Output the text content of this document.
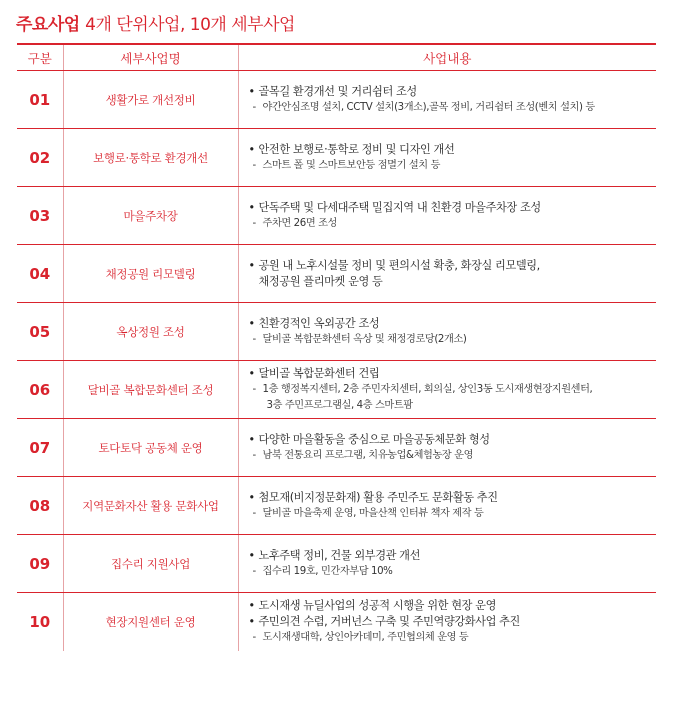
주요사업 4개 단위사업, 10개 세부사업
구분	세부사업명	사업내용
01	생활가로 개선정비	• 골목길 환경개선 및 거리쉼터 조성
- 야간안심조명 설치, CCTV 설치(3개소),골목 정비, 거리쉼터 조성(벤치 설치) 등

02	보행로·통학로 환경개선	• 안전한 보행로·통학로 정비 및 디자인 개선
- 스마트 폴 및 스마트보안등 점멸기 설치 등

03	마을주차장	• 단독주택 및 다세대주택 밀집지역 내 친환경 마을주차장 조성
- 주차면 26면 조성

04	채정공원 리모델링	• 공원 내 노후시설물 정비 및 편의시설 확충, 화장실 리모델링,
채정공원 플리마켓 운영 등

05	옥상정원 조성	• 친환경적인 옥외공간 조성
- 달비골 복합문화센터 옥상 및 채정경로당(2개소)

06	달비골 복합문화센터 조성	• 달비골 복합문화센터 건립
- 1층 행정복지센터, 2층 주민자치센터, 회의실, 상인3동 도시재생현장지원센터,
3층 주민프로그램실, 4층 스마트팜

07	토다토닥 공동체 운영	• 다양한 마을활동을 중심으로 마을공동체문화 형성
- 남북 전통요리 프로그램, 치유농업&체험농장 운영

08	지역문화자산 활용 문화사업	• 첨모재(비지정문화재) 활용 주민주도 문화활동 추진
- 달비골 마을축제 운영, 마을산책 인터뷰 책자 제작 등

09	집수리 지원사업	• 노후주택 정비, 건물 외부경관 개선
- 집수리 19호, 민간자부담 10%

10	현장지원센터 운영	• 도시재생 뉴딜사업의 성공적 시행을 위한 현장 운영
• 주민의견 수렴, 거버넌스 구축 및 주민역량강화사업 추진
- 도시재생대학, 상인아카데미, 주민협의체 운영 등
